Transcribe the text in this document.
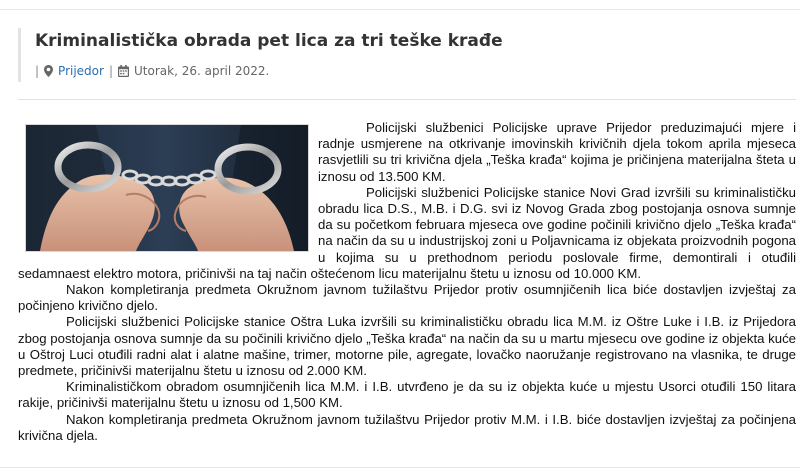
Kriminalistička obrada pet lica za tri teške krađe
| Prijedor | Utorak, 26. april 2022.

Policijski službenici Policijske uprave Prijedor preduzimajući mjere i radnje usmjerene na otkrivanje imovinskih krivičnih djela tokom aprila mjeseca rasvjetlili su tri krivična djela „Teška krađa“ kojima je pričinjena materijalna šteta u iznosu od 13.500 KM.

Policijski službenici Policijske stanice Novi Grad izvršili su kriminalističku obradu lica D.S., M.B. i D.G. svi iz Novog Grada zbog postojanja osnova sumnje da su početkom februara mjeseca ove godine počinili krivično djelo „Teška krađa“ na način da su u industrijskoj zoni u Poljavnicama iz objekata proizvodnih pogona u kojima su u prethodnom periodu poslovale firme, demontirali i otuđili sedamnaest elektro motora, pričinivši na taj način oštećenom licu materijalnu štetu u iznosu od 10.000 KM.

Nakon kompletiranja predmeta Okružnom javnom tužilaštvu Prijedor protiv osumnjičenih lica biće dostavljen izvještaj za počinjeno krivično djelo.

Policijski službenici Policijske stanice Oštra Luka izvršili su kriminalističku obradu lica M.M. iz Oštre Luke i I.B. iz Prijedora zbog postojanja osnova sumnje da su počinili krivično djelo „Teška krađa“ na način da su u martu mjesecu ove godine iz objekta kuće u Oštroj Luci otuđili radni alat i alatne mašine, trimer, motorne pile, agregate, lovačko naoružanje registrovano na vlasnika, te druge predmete, pričinivši materijalnu štetu u iznosu od 2.000 KM.

Kriminalističkom obradom osumnjičenih lica M.M. i I.B. utvrđeno je da su iz objekta kuće u mjestu Usorci otuđili 150 litara rakije, pričinivši materijalnu štetu u iznosu od 1,500 KM.

Nakon kompletiranja predmeta Okružnom javnom tužilaštvu Prijedor protiv M.M. i I.B. biće dostavljen izvještaj za počinjena krivična djela.
